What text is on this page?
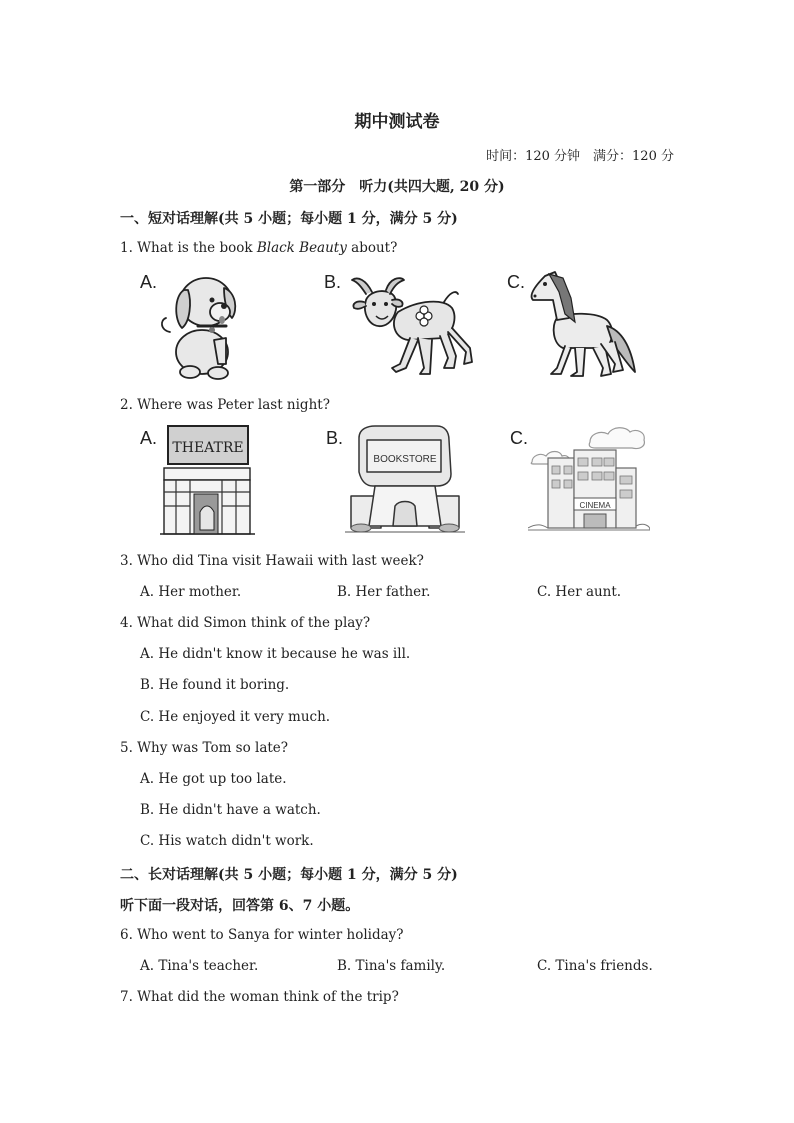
期中测试卷
时间：120 分钟　满分：120 分
第一部分　听力(共四大题, 20 分)
一、短对话理解(共 5 小题；每小题 1 分，满分 5 分)
1. What is the book Black Beauty about?
A.	B.	C.
2. Where was Peter last night?
A.	B.	C.
THEATRE
BOOKSTORE
CINEMA
3. Who did Tina visit Hawaii with last week?
A. Her mother.	B. Her father.	C. Her aunt.
4. What did Simon think of the play?
A. He didn't know it because he was ill.
B. He found it boring.
C. He enjoyed it very much.
5. Why was Tom so late?
A. He got up too late.
B. He didn't have a watch.
C. His watch didn't work.
二、长对话理解(共 5 小题；每小题 1 分，满分 5 分)
听下面一段对话，回答第 6、7 小题。
6. Who went to Sanya for winter holiday?
A. Tina's teacher.	B. Tina's family.	C. Tina's friends.
7. What did the woman think of the trip?
